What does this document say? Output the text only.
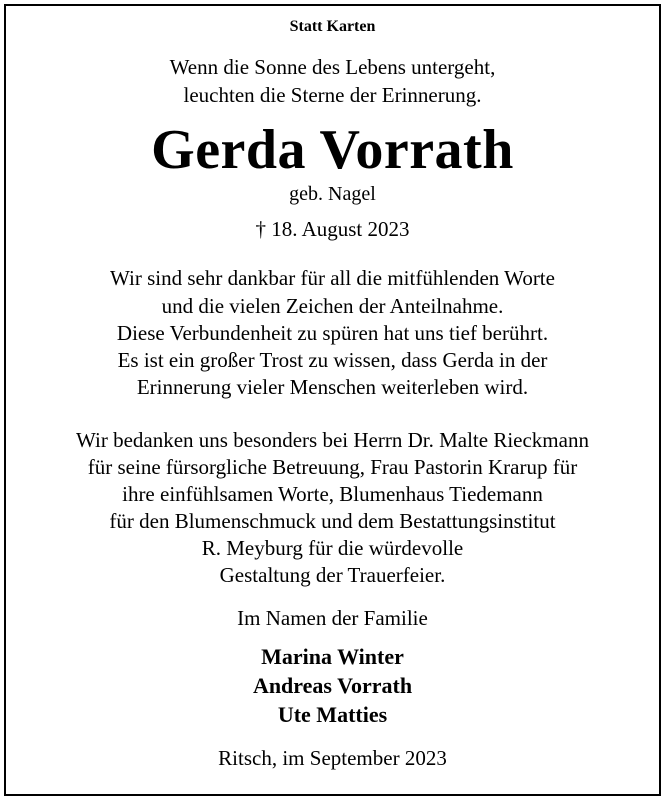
Statt Karten
Wenn die Sonne des Lebens untergeht,
leuchten die Sterne der Erinnerung.
Gerda Vorrath
geb. Nagel
† 18. August 2023
Wir sind sehr dankbar für all die mitfühlenden Worte
und die vielen Zeichen der Anteilnahme.
Diese Verbundenheit zu spüren hat uns tief berührt.
Es ist ein großer Trost zu wissen, dass Gerda in der
Erinnerung vieler Menschen weiterleben wird.
Wir bedanken uns besonders bei Herrn Dr. Malte Rieckmann
für seine fürsorgliche Betreuung, Frau Pastorin Krarup für
ihre einfühlsamen Worte, Blumenhaus Tiedemann
für den Blumenschmuck und dem Bestattungsinstitut
R. Meyburg für die würdevolle
Gestaltung der Trauerfeier.
Im Namen der Familie
Marina Winter
Andreas Vorrath
Ute Matties
Ritsch, im September 2023
